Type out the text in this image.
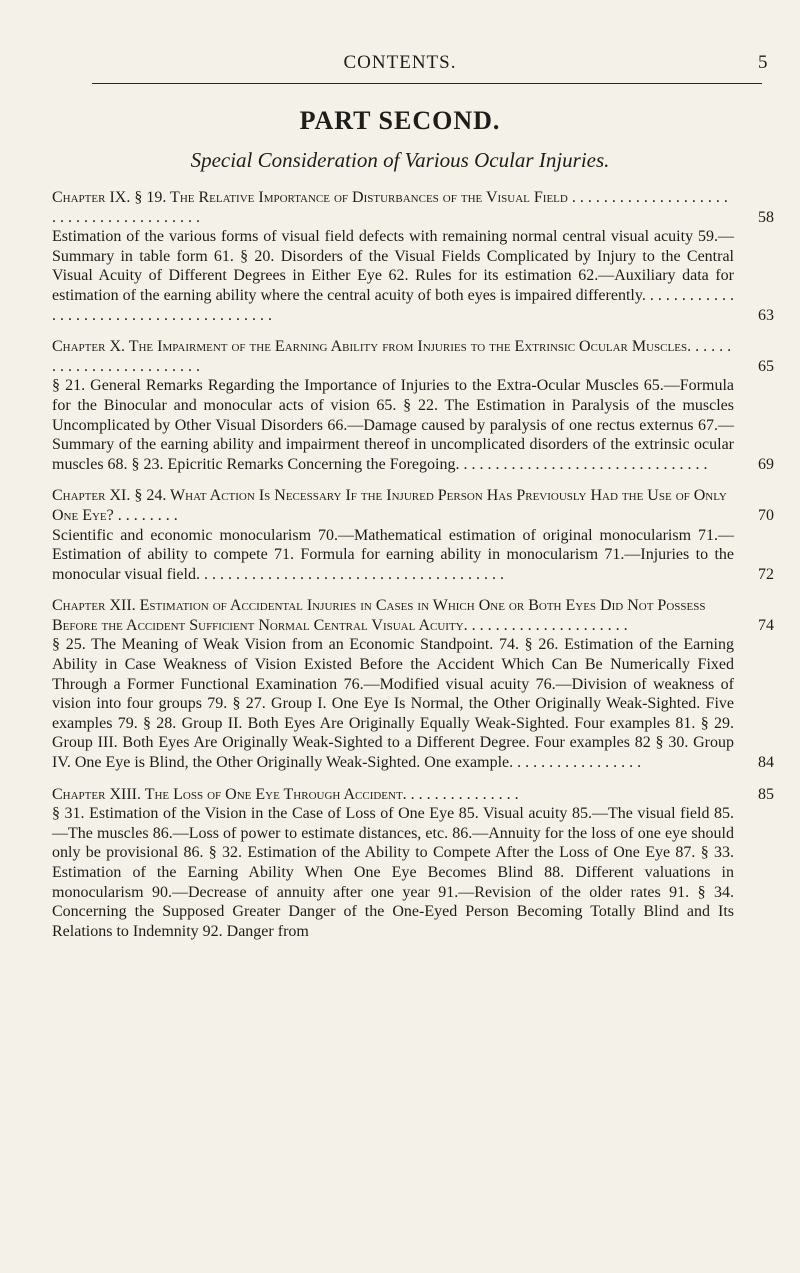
CONTENTS.	5
PART SECOND.
Special Consideration of Various Ocular Injuries.
Chapter IX. § 19. The Relative Importance of Disturbances of the Visual Field . . . . . . . . . . . . . . . . . . . . . . . . . . . . . . . . . . . . . . .	58
Estimation of the various forms of visual field defects with remaining normal central visual acuity 59.—Summary in table form 61. § 20. Disorders of the Visual Fields Complicated by Injury to the Central Visual Acuity of Different Degrees in Either Eye 62. Rules for its estimation 62.—Auxiliary data for estimation of the earning ability where the central acuity of both eyes is impaired differently. . . . . . . . . . . . . . . . . . . . . . . . . . . . . . . . . . . . . . . .	63
Chapter X. The Impairment of the Earning Ability from Injuries to the Extrinsic Ocular Muscles. . . . . . . . . . . . . . . . . . . . . . . . .	65
§ 21. General Remarks Regarding the Importance of Injuries to the Extra-Ocular Muscles 65.—Formula for the Binocular and monocular acts of vision 65. § 22. The Estimation in Paralysis of the muscles Uncomplicated by Other Visual Disorders 66.—Damage caused by paralysis of one rectus externus 67.—Summary of the earning ability and impairment thereof in uncomplicated disorders of the extrinsic ocular muscles 68. § 23. Epicritic Remarks Concerning the Foregoing. . . . . . . . . . . . . . . . . . . . . . . . . . . . . . . .	69
Chapter XI. § 24. What Action Is Necessary If the Injured Person Has Previously Had the Use of Only One Eye? . . . . . . . .	70
Scientific and economic monocularism 70.—Mathematical estimation of original monocularism 71.—Estimation of ability to compete 71. Formula for earning ability in monocularism 71.—Injuries to the monocular visual field. . . . . . . . . . . . . . . . . . . . . . . . . . . . . . . . . . . . . . .	72
Chapter XII. Estimation of Accidental Injuries in Cases in Which One or Both Eyes Did Not Possess Before the Accident Sufficient Normal Central Visual Acuity. . . . . . . . . . . . . . . . . . . . .	74
§ 25. The Meaning of Weak Vision from an Economic Standpoint. 74. § 26. Estimation of the Earning Ability in Case Weakness of Vision Existed Before the Accident Which Can Be Numerically Fixed Through a Former Functional Examination 76.—Modified visual acuity 76.—Division of weakness of vision into four groups 79. § 27. Group I. One Eye Is Normal, the Other Originally Weak-Sighted. Five examples 79. § 28. Group II. Both Eyes Are Originally Equally Weak-Sighted. Four examples 81. § 29. Group III. Both Eyes Are Originally Weak-Sighted to a Different Degree. Four examples 82 § 30. Group IV. One Eye is Blind, the Other Originally Weak-Sighted. One example. . . . . . . . . . . . . . . . .	84
Chapter XIII. The Loss of One Eye Through Accident. . . . . . . . . . . . . . .	85
§ 31. Estimation of the Vision in the Case of Loss of One Eye 85. Visual acuity 85.—The visual field 85.—The muscles 86.—Loss of power to estimate distances, etc. 86.—Annuity for the loss of one eye should only be provisional 86. § 32. Estimation of the Ability to Compete After the Loss of One Eye 87. § 33. Estimation of the Earning Ability When One Eye Becomes Blind 88. Different valuations in monocularism 90.—Decrease of annuity after one year 91.—Revision of the older rates 91. § 34. Concerning the Supposed Greater Danger of the One-Eyed Person Becoming Totally Blind and Its Relations to Indemnity 92. Danger from
